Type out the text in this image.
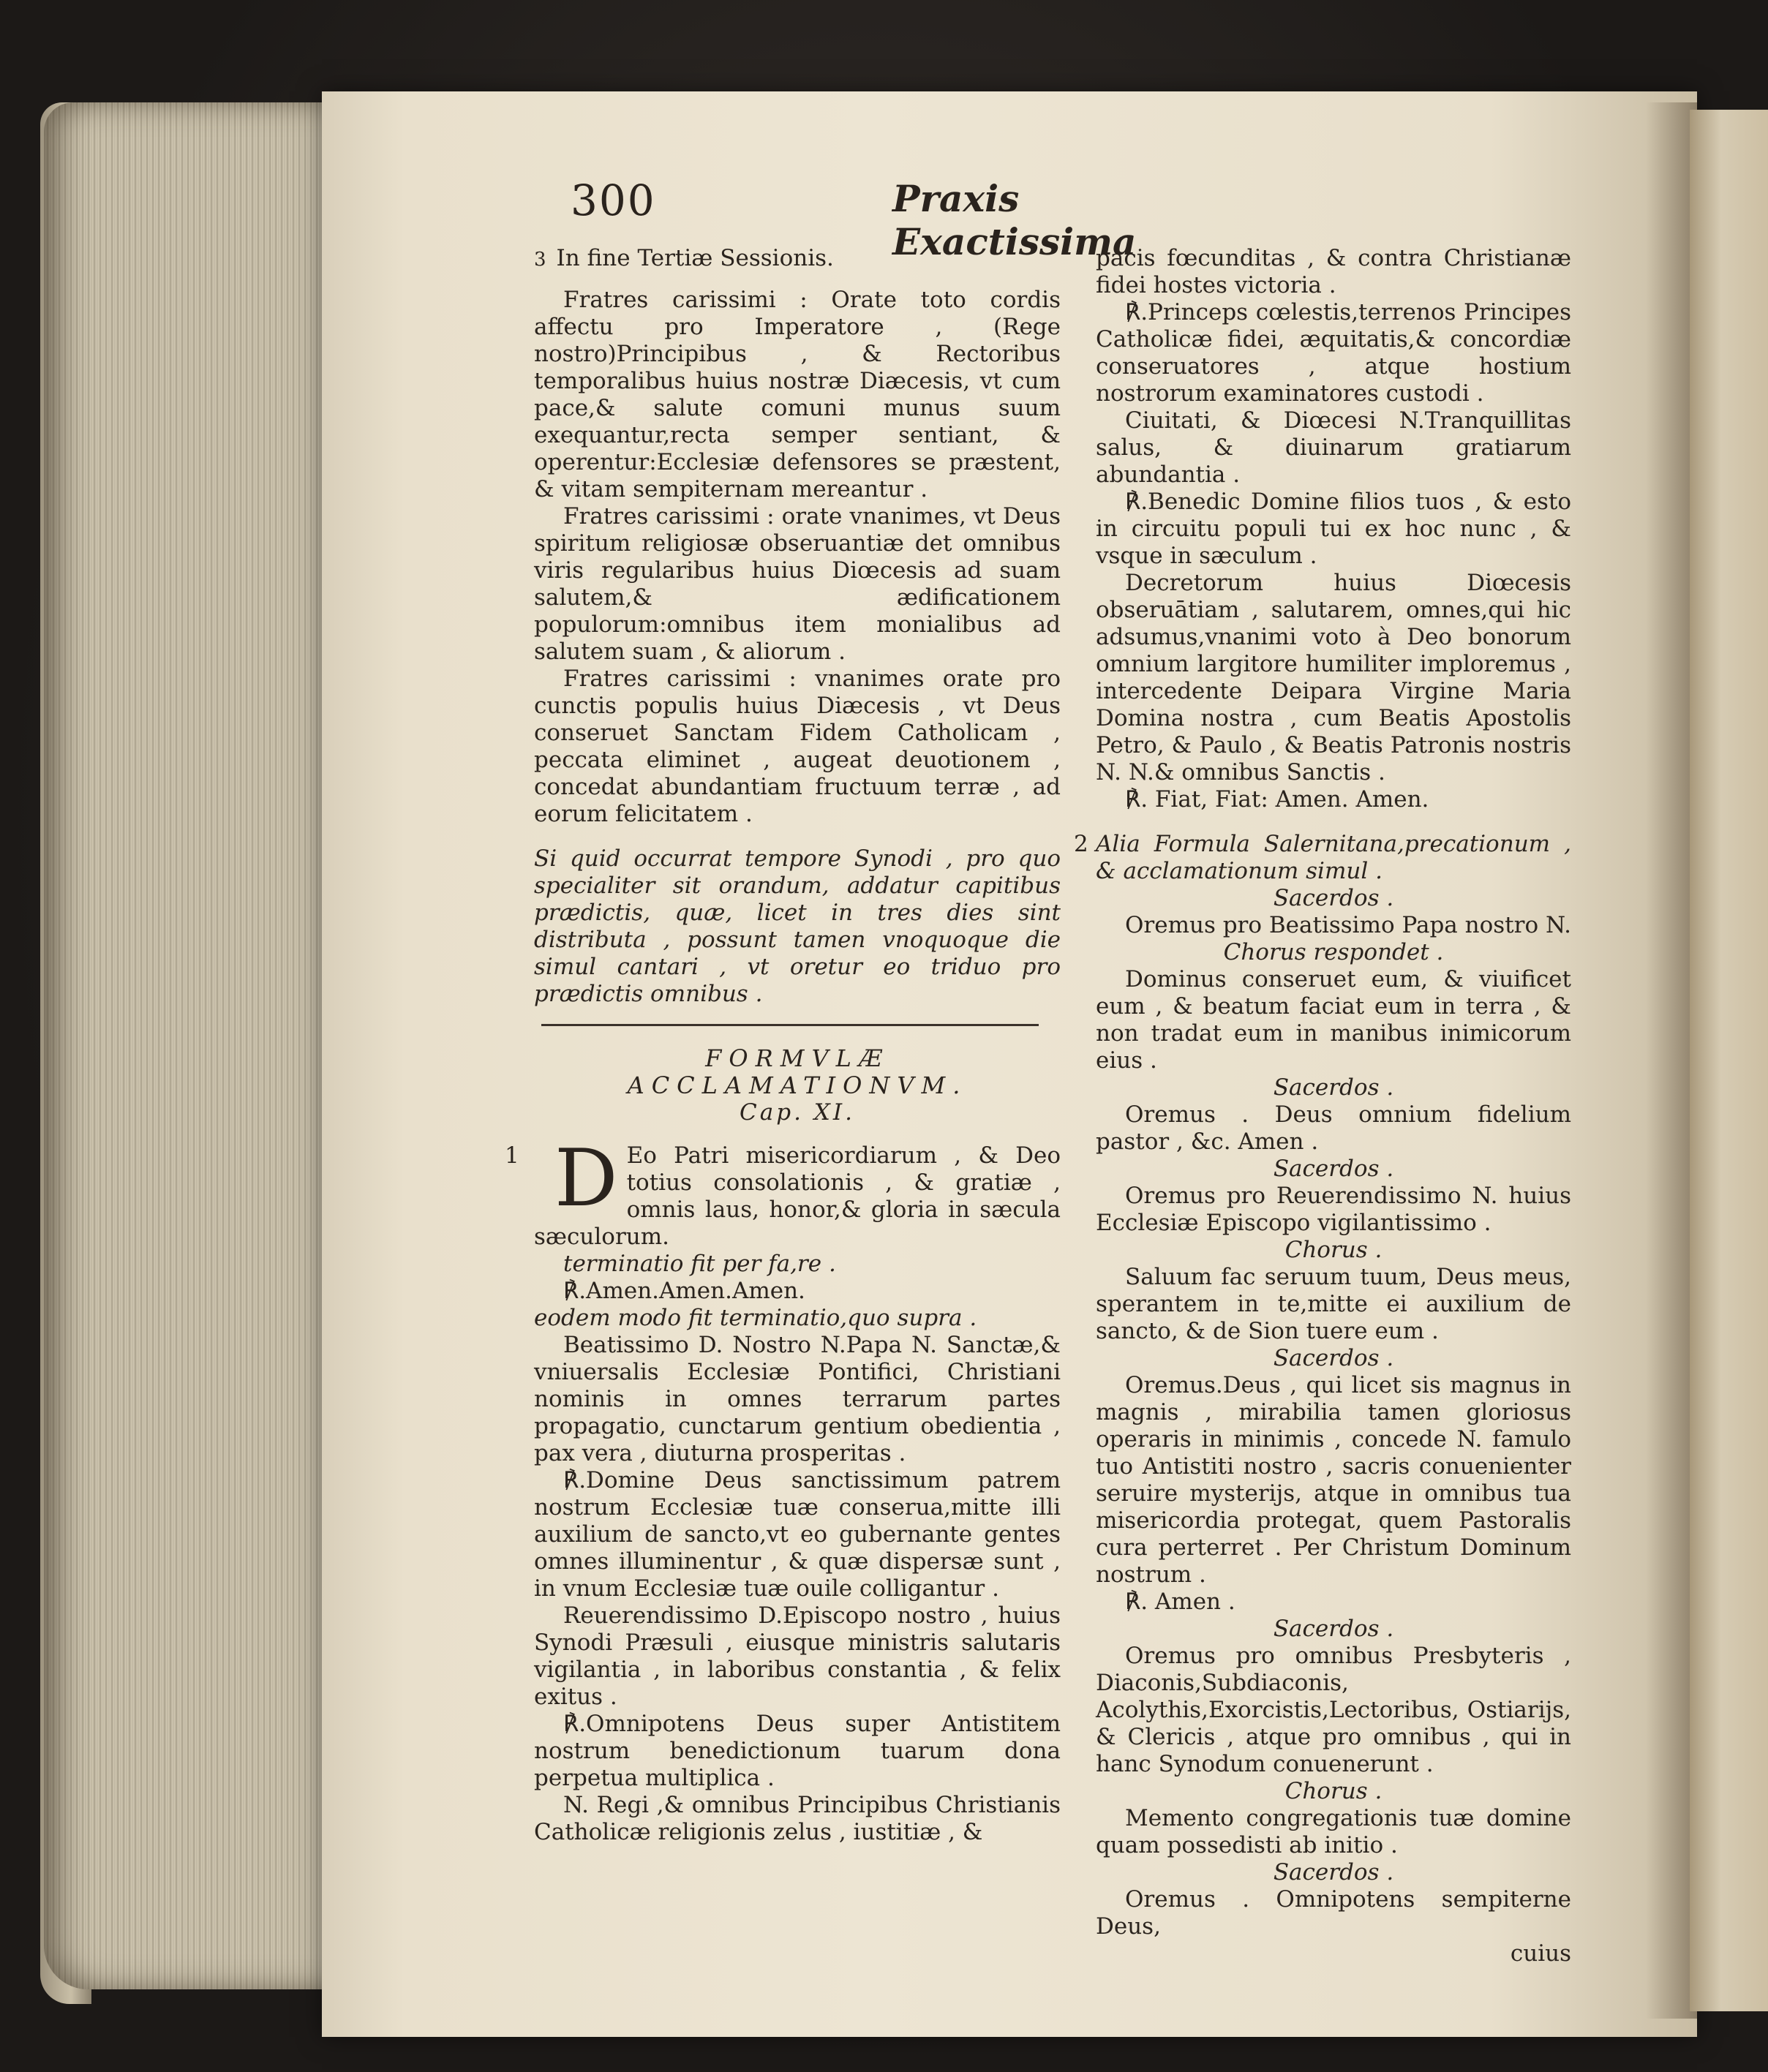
300	Praxis Exactissima

3 In fine Tertiæ Sessionis.

Fratres carissimi : Orate toto cordis affectu pro Imperatore , (Rege nostro)Principibus , & Rectoribus temporalibus huius nostræ Diæcesis, vt cum pace,& salute comuni munus suum exequantur,recta semper sentiant, & operentur:Ecclesiæ defensores se præstent, & vitam sempiternam mereantur .

Fratres carissimi : orate vnanimes, vt Deus spiritum religiosæ obseruantiæ det omnibus viris regularibus huius Diœcesis ad suam salutem,& ædificationem populorum:omnibus item monialibus ad salutem suam , & aliorum .

Fratres carissimi : vnanimes orate pro cunctis populis huius Diæcesis , vt Deus conseruet Sanctam Fidem Catholicam , peccata eliminet , augeat deuotionem , concedat abundantiam fructuum terræ , ad eorum felicitatem .

Si quid occurrat tempore Synodi , pro quo specialiter sit orandum, addatur capitibus prædictis, quæ, licet in tres dies sint distributa , possunt tamen vnoquoque die simul cantari , vt oretur eo triduo pro prædictis omnibus .

FORMVLÆ ACCLAMATIONVM.

Cap. XI.

1 D Eo Patri misericordiarum , & Deo totius consolationis , & gratiæ , omnis laus, honor,& gloria in sæcula sæculorum.

terminatio fit per fa,re .

℟.Amen.Amen.Amen.

eodem modo fit terminatio,quo supra .

Beatissimo D. Nostro N.Papa N. Sanctæ,& vniuersalis Ecclesiæ Pontifici, Christiani nominis in omnes terrarum partes propagatio, cunctarum gentium obedientia , pax vera , diuturna prosperitas .

℟.Domine Deus sanctissimum patrem nostrum Ecclesiæ tuæ conserua,mitte illi auxilium de sancto,vt eo gubernante gentes omnes illuminentur , & quæ dispersæ sunt , in vnum Ecclesiæ tuæ ouile colligantur .

Reuerendissimo D.Episcopo nostro , huius Synodi Præsuli , eiusque ministris salutaris vigilantia , in laboribus constantia , & felix exitus .

℟.Omnipotens Deus super Antistitem nostrum benedictionum tuarum dona perpetua multiplica .

N. Regi ,& omnibus Principibus Christianis Catholicæ religionis zelus , iustitiæ , &

pacis fœcunditas , & contra Christianæ fidei hostes victoria .

℟.Princeps cœlestis,terrenos Principes Catholicæ fidei, æquitatis,& concordiæ conseruatores , atque hostium nostrorum examinatores custodi .

Ciuitati, & Diœcesi N.Tranquillitas salus, & diuinarum gratiarum abundantia .

℟.Benedic Domine filios tuos , & esto in circuitu populi tui ex hoc nunc , & vsque in sæculum .

Decretorum huius Diœcesis obseruātiam , salutarem, omnes,qui hic adsumus,vnanimi voto à Deo bonorum omnium largitore humiliter imploremus , intercedente Deipara Virgine Maria Domina nostra , cum Beatis Apostolis Petro, & Paulo , & Beatis Patronis nostris N. N.& omnibus Sanctis .

℟. Fiat, Fiat: Amen. Amen.

2 Alia Formula Salernitana,precationum , & acclamationum simul .

Sacerdos .

Oremus pro Beatissimo Papa nostro N.

Chorus respondet .

Dominus conseruet eum, & viuificet eum , & beatum faciat eum in terra , & non tradat eum in manibus inimicorum eius .

Sacerdos .

Oremus . Deus omnium fidelium pastor , &c. Amen .

Sacerdos .

Oremus pro Reuerendissimo N. huius Ecclesiæ Episcopo vigilantissimo .

Chorus .

Saluum fac seruum tuum, Deus meus, sperantem in te,mitte ei auxilium de sancto, & de Sion tuere eum .

Sacerdos .

Oremus.Deus , qui licet sis magnus in magnis , mirabilia tamen gloriosus operaris in minimis , concede N. famulo tuo Antistiti nostro , sacris conuenienter seruire mysterijs, atque in omnibus tua misericordia protegat, quem Pastoralis cura perterret . Per Christum Dominum nostrum .

℟. Amen .

Sacerdos .

Oremus pro omnibus Presbyteris , Diaconis,Subdiaconis, Acolythis,Exorcistis,Lectoribus, Ostiarijs, & Clericis , atque pro omnibus , qui in hanc Synodum conuenerunt .

Chorus .

Memento congregationis tuæ domine quam possedisti ab initio .

Sacerdos .

Oremus . Omnipotens sempiterne Deus,

cuius
